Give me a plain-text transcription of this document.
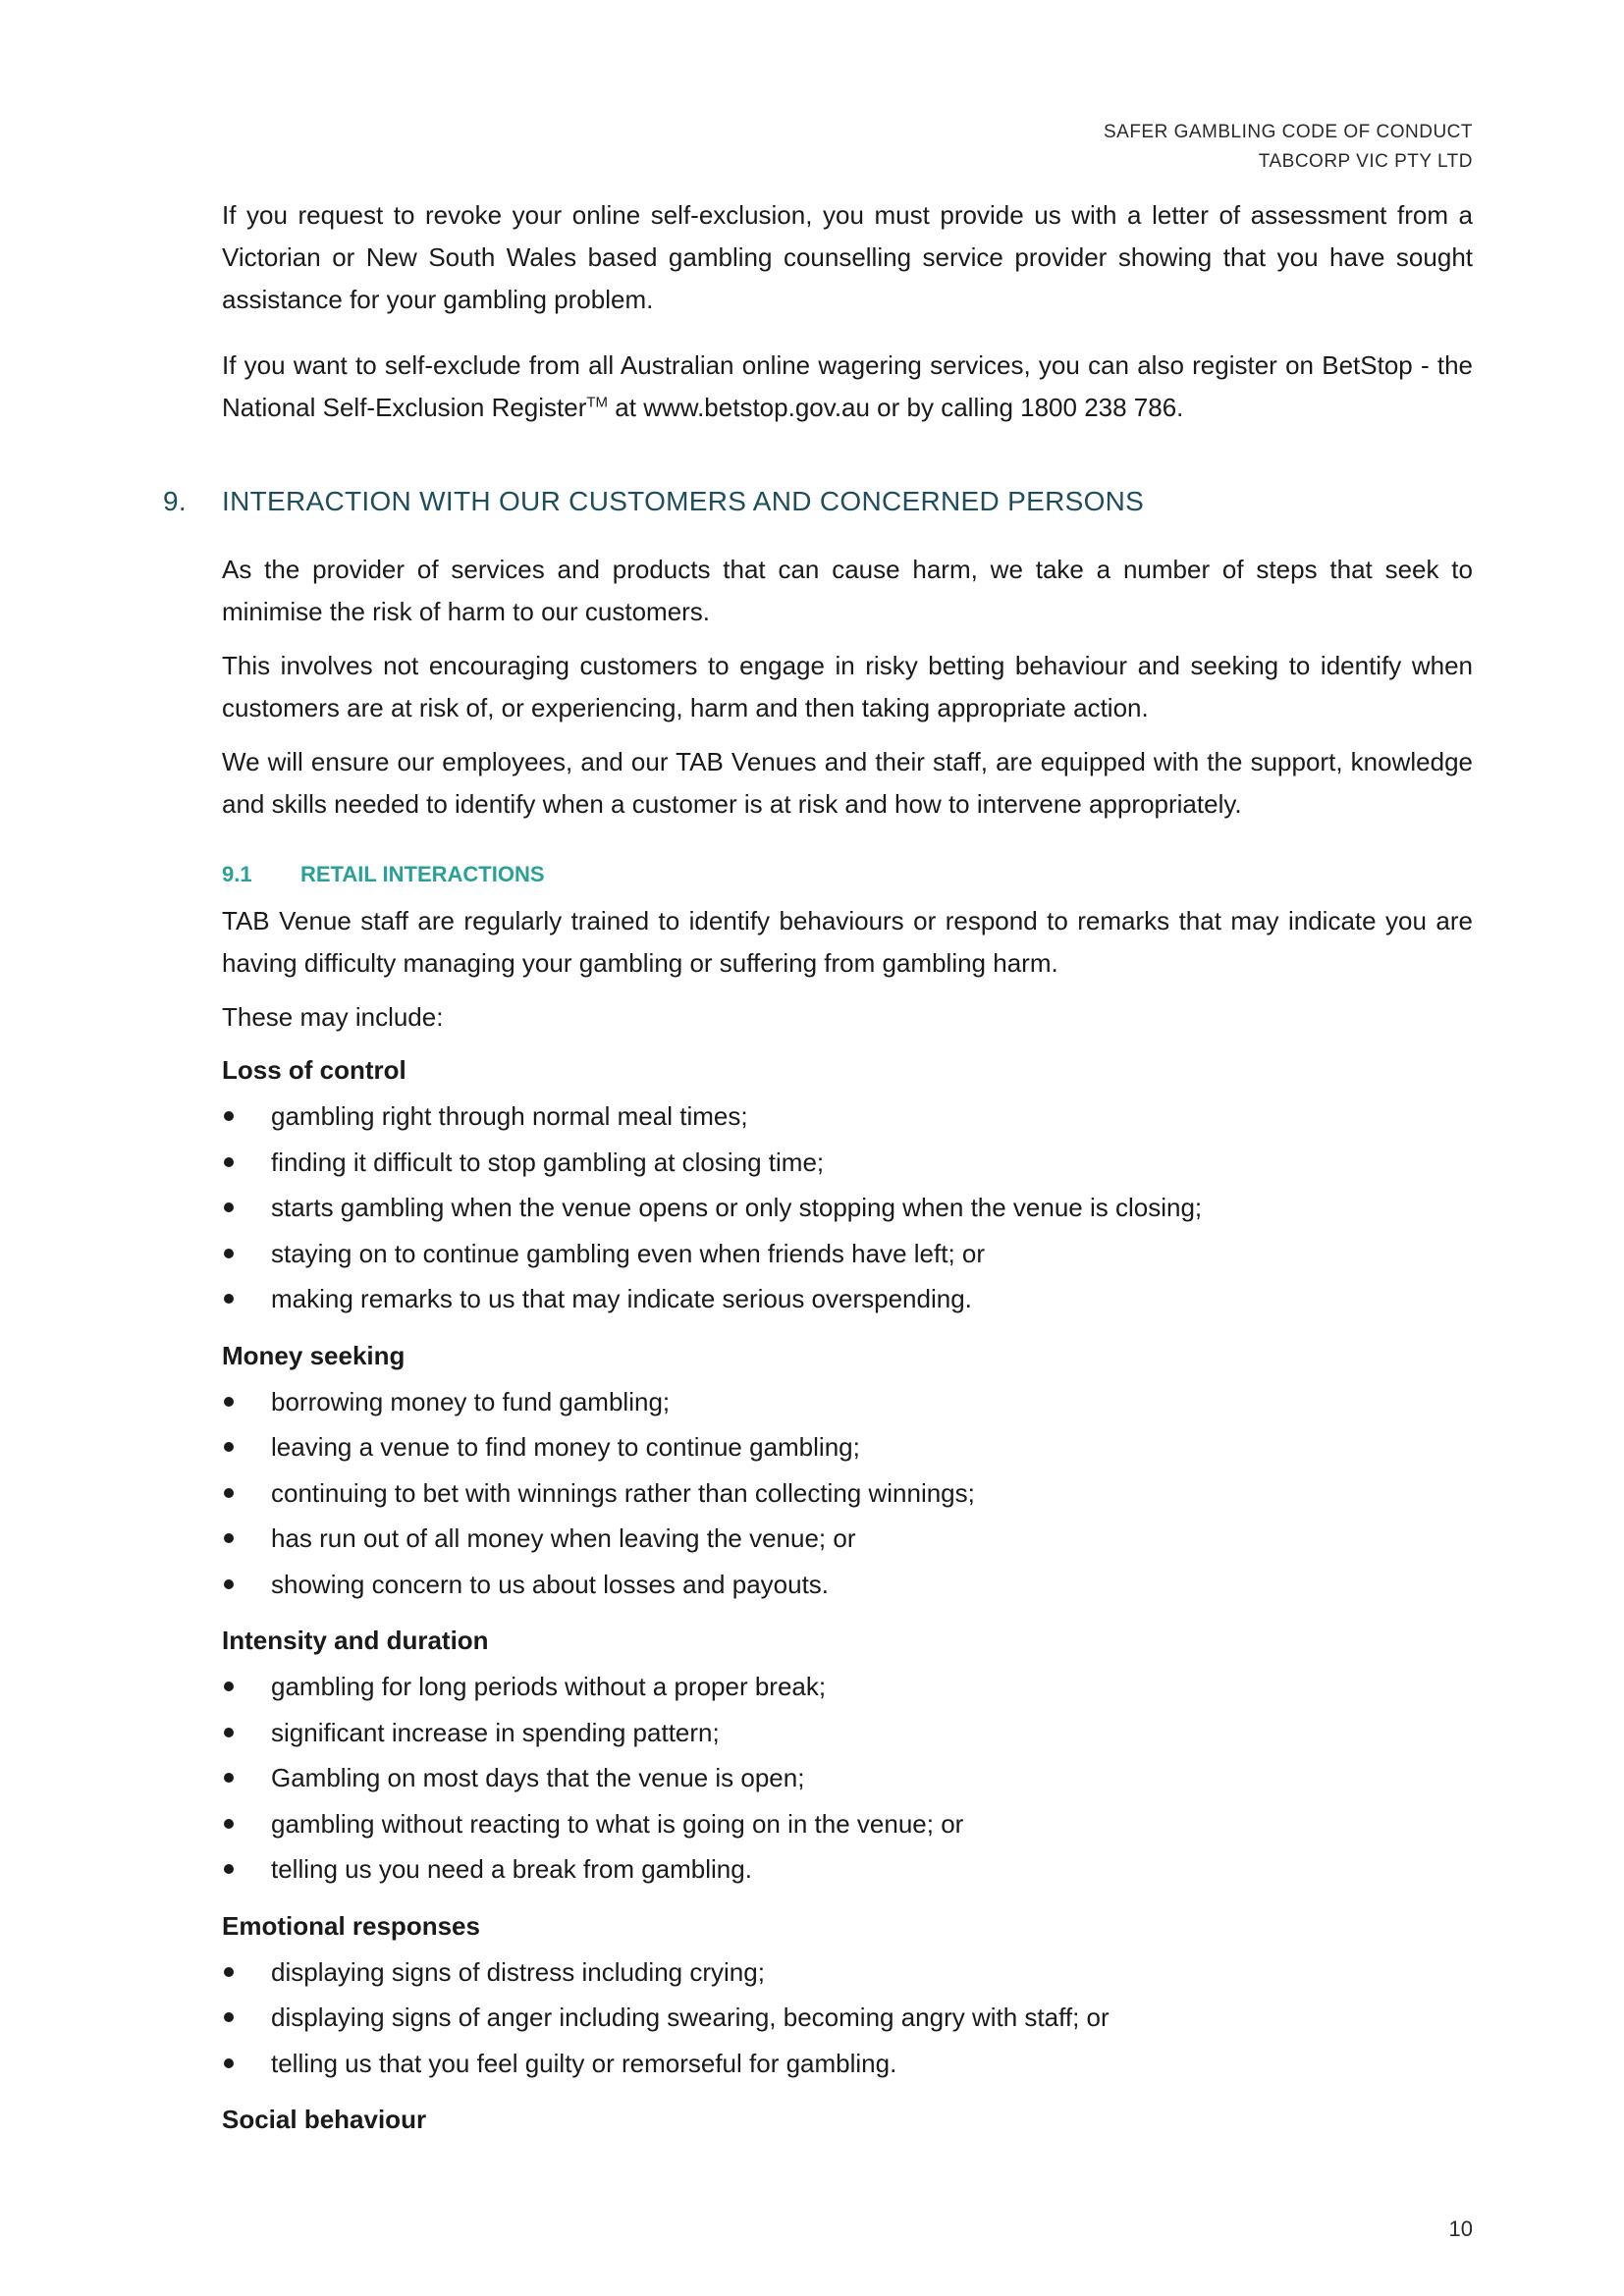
SAFER GAMBLING CODE OF CONDUCT
TABCORP VIC PTY LTD

If you request to revoke your online self-exclusion, you must provide us with a letter of assessment from a Victorian or New South Wales based gambling counselling service provider showing that you have sought assistance for your gambling problem.

If you want to self-exclude from all Australian online wagering services, you can also register on BetStop - the National Self-Exclusion Register™ at www.betstop.gov.au or by calling 1800 238 786.

9. INTERACTION WITH OUR CUSTOMERS AND CONCERNED PERSONS

As the provider of services and products that can cause harm, we take a number of steps that seek to minimise the risk of harm to our customers.

This involves not encouraging customers to engage in risky betting behaviour and seeking to identify when customers are at risk of, or experiencing, harm and then taking appropriate action.

We will ensure our employees, and our TAB Venues and their staff, are equipped with the support, knowledge and skills needed to identify when a customer is at risk and how to intervene appropriately.

9.1 RETAIL INTERACTIONS

TAB Venue staff are regularly trained to identify behaviours or respond to remarks that may indicate you are having difficulty managing your gambling or suffering from gambling harm.

These may include:

Loss of control
gambling right through normal meal times;
finding it difficult to stop gambling at closing time;
starts gambling when the venue opens or only stopping when the venue is closing;
staying on to continue gambling even when friends have left; or
making remarks to us that may indicate serious overspending.
Money seeking
borrowing money to fund gambling;
leaving a venue to find money to continue gambling;
continuing to bet with winnings rather than collecting winnings;
has run out of all money when leaving the venue; or
showing concern to us about losses and payouts.
Intensity and duration
gambling for long periods without a proper break;
significant increase in spending pattern;
Gambling on most days that the venue is open;
gambling without reacting to what is going on in the venue; or
telling us you need a break from gambling.
Emotional responses
displaying signs of distress including crying;
displaying signs of anger including swearing, becoming angry with staff; or
telling us that you feel guilty or remorseful for gambling.
Social behaviour
10
